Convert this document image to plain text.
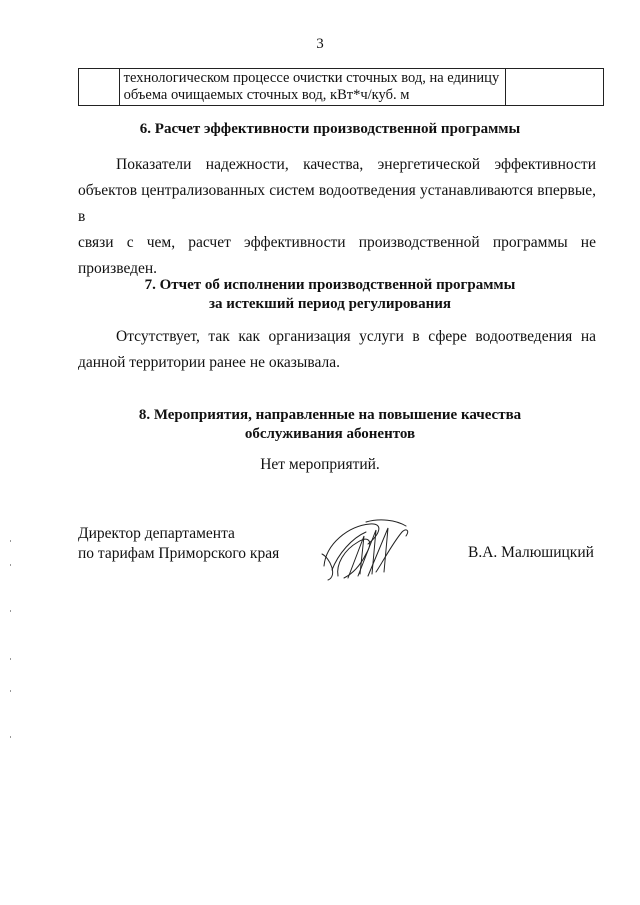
3

технологическом процессе очистки сточных вод, на единицу
объема очищаемых сточных вод, кВт*ч/куб. м

6. Расчет эффективности производственной программы
Показатели надежности, качества, энергетической эффективности
объектов централизованных систем водоотведения устанавливаются впервые, в
связи с чем, расчет эффективности производственной программы не
произведен.
7. Отчет об исполнении производственной программы
за истекший период регулирования
Отсутствует, так как организация услуги в сфере водоотведения на
данной территории ранее не оказывала.
8. Мероприятия, направленные на повышение качества
обслуживания абонентов
Нет мероприятий.
Директор департамента
по тарифам Приморского края	В.А. Малюшицкий
